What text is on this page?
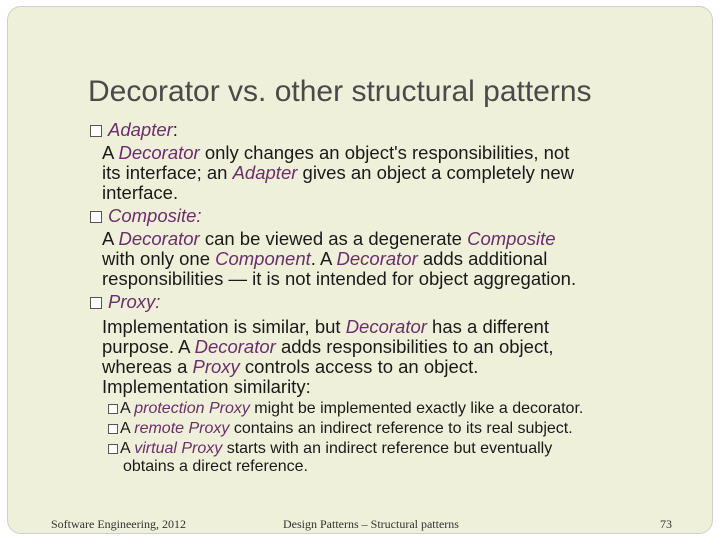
Decorator vs. other structural patterns
Adapter:
A Decorator only changes an object's responsibilities, not
its interface; an Adapter gives an object a completely new
interface.
Composite:
A Decorator can be viewed as a degenerate Composite
with only one Component. A Decorator adds additional
responsibilities — it is not intended for object aggregation.
Proxy:
Implementation is similar, but Decorator has a different
purpose. A Decorator adds responsibilities to an object,
whereas a Proxy controls access to an object.
Implementation similarity:
A protection Proxy might be implemented exactly like a decorator.
A remote Proxy contains an indirect reference to its real subject.
A virtual Proxy starts with an indirect reference but eventually
obtains a direct reference.
Software Engineering, 2012	Design Patterns – Structural patterns	73
